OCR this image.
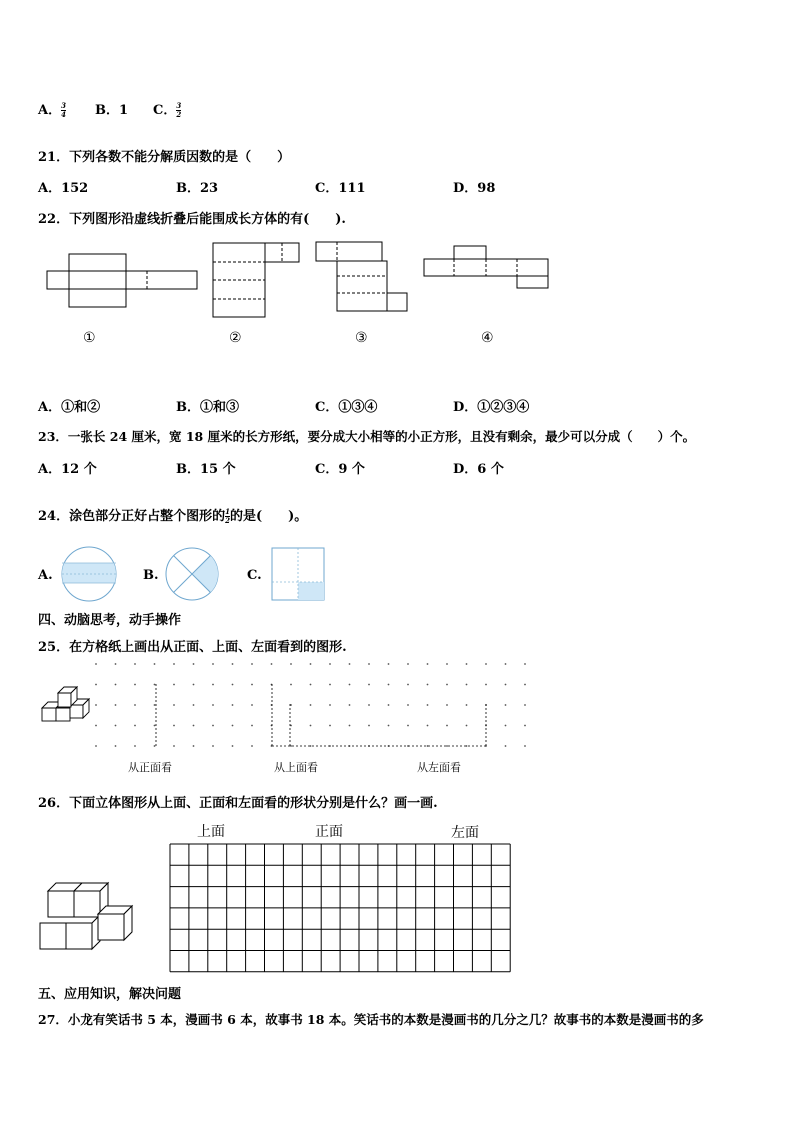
A． $\frac{3}{4}$ B．1 C． $\frac{3}{2}$
21．下列各数不能分解质因数的是（　　）
A．152	B．23	C．111	D．98
22．下列图形沿虚线折叠后能围成长方体的有(　　).
①	②	③	④
A．①和②	B．①和③	C．①③④	D．①②③④
23．一张长 24 厘米，宽 18 厘米的长方形纸，要分成大小相等的小正方形，且没有剩余，最少可以分成（　　）个。
A．12 个	B．15 个	C．9 个	D．6 个
24．涂色部分正好占整个图形的 $\frac{1}{2}$ 的是(　　)。
A.	B.	C.
四、动脑思考，动手操作
25．在方格纸上画出从正面、上面、左面看到的图形.
从正面看	从上面看	从左面看
26．下面立体图形从上面、正面和左面看的形状分别是什么？画一画.
上面	正面	左面
五、应用知识，解决问题
27．小龙有笑话书 5 本，漫画书 6 本，故事书 18 本。笑话书的本数是漫画书的几分之几？故事书的本数是漫画书的多
